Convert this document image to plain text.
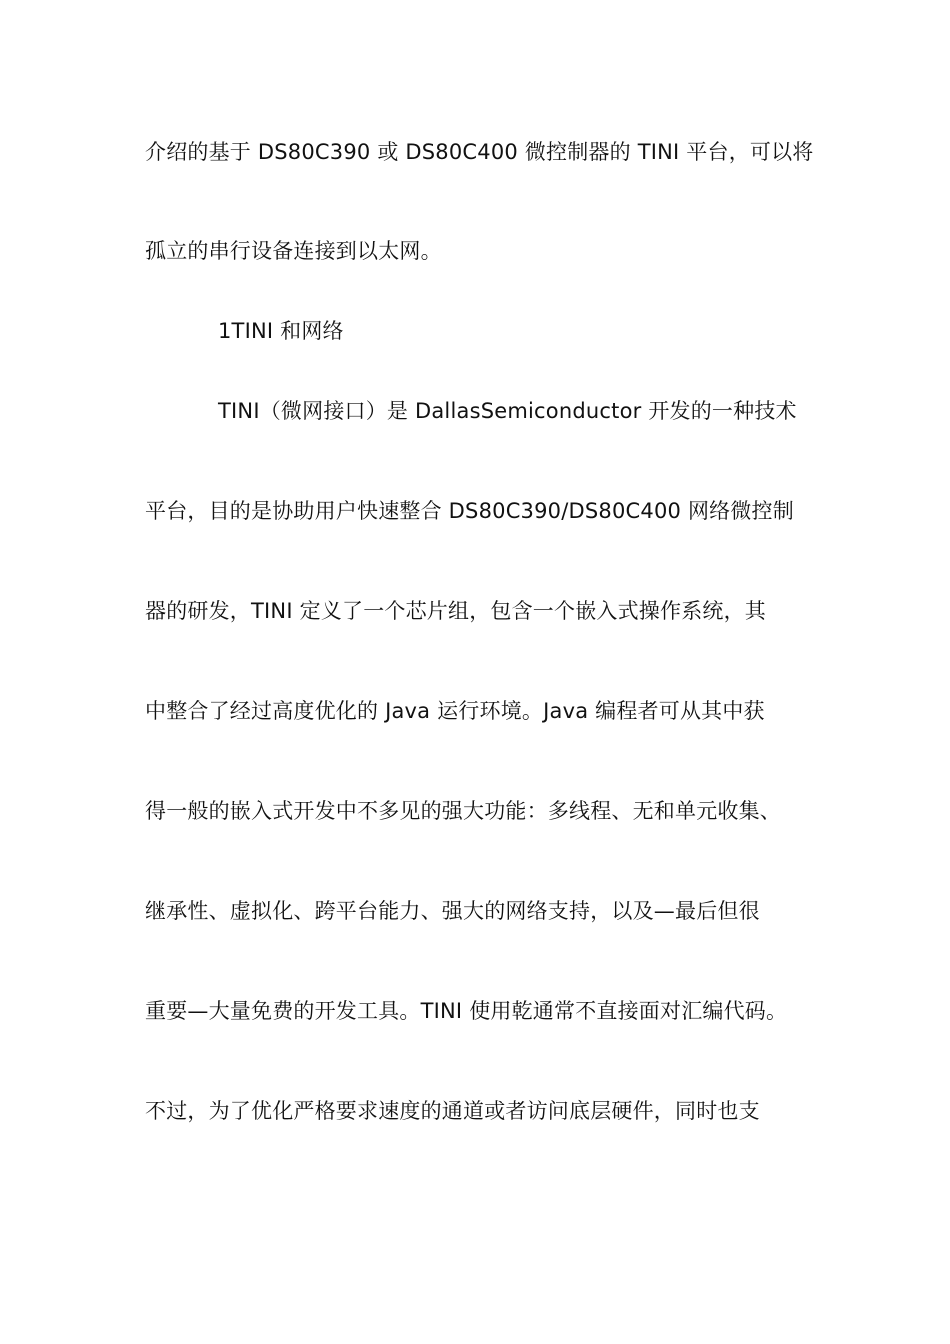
介绍的基于 DS80C390 或 DS80C400 微控制器的 TINI 平台，可以将
孤立的串行设备连接到以太网。
1TINI 和网络
TINI（微网接口）是 DallasSemiconductor 开发的一种技术
平台，目的是协助用户快速整合 DS80C390/DS80C400 网络微控制
器的研发，TINI 定义了一个芯片组，包含一个嵌入式操作系统，其
中整合了经过高度优化的 Java 运行环境。Java 编程者可从其中获
得一般的嵌入式开发中不多见的强大功能：多线程、无和单元收集、
继承性、虚拟化、跨平台能力、强大的网络支持，以及—最后但很
重要—大量免费的开发工具。TINI 使用乾通常不直接面对汇编代码。
不过，为了优化严格要求速度的通道或者访问底层硬件，同时也支
